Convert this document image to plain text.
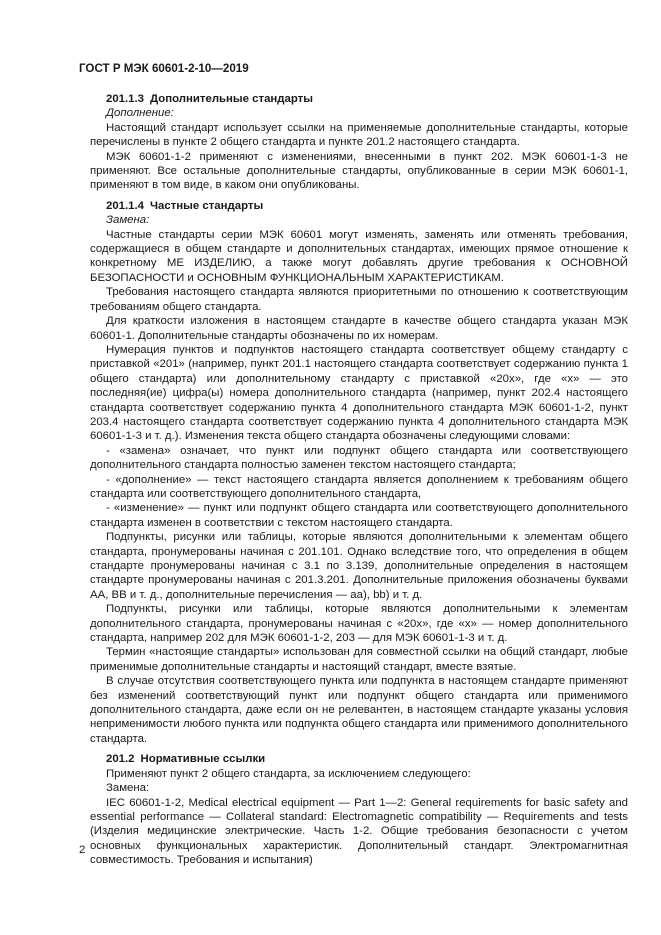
ГОСТ Р МЭК 60601-2-10—2019
201.1.3 Дополнительные стандарты

Дополнение:

Настоящий стандарт использует ссылки на применяемые дополнительные стандарты, которые перечислены в пункте 2 общего стандарта и пункте 201.2 настоящего стандарта.

МЭК 60601-1-2 применяют с изменениями, внесенными в пункт 202. МЭК 60601-1-3 не применяют. Все остальные дополнительные стандарты, опубликованные в серии МЭК 60601-1, применяют в том виде, в каком они опубликованы.

201.1.4 Частные стандарты

Замена:

Частные стандарты серии МЭК 60601 могут изменять, заменять или отменять требования, содержащиеся в общем стандарте и дополнительных стандартах, имеющих прямое отношение к конкретному МЕ ИЗДЕЛИЮ, а также могут добавлять другие требования к ОСНОВНОЙ БЕЗОПАСНОСТИ и ОСНОВНЫМ ФУНКЦИОНАЛЬНЫМ ХАРАКТЕРИСТИКАМ.

Требования настоящего стандарта являются приоритетными по отношению к соответствующим требованиям общего стандарта.

Для краткости изложения в настоящем стандарте в качестве общего стандарта указан МЭК 60601-1. Дополнительные стандарты обозначены по их номерам.

Нумерация пунктов и подпунктов настоящего стандарта соответствует общему стандарту с приставкой «201» (например, пункт 201.1 настоящего стандарта соответствует содержанию пункта 1 общего стандарта) или дополнительному стандарту с приставкой «20х», где «х» — это последняя(ие) цифра(ы) номера дополнительного стандарта (например, пункт 202.4 настоящего стандарта соответствует содержанию пункта 4 дополнительного стандарта МЭК 60601-1-2, пункт 203.4 настоящего стандарта соответствует содержанию пункта 4 дополнительного стандарта МЭК 60601-1-3 и т. д.). Изменения текста общего стандарта обозначены следующими словами:

- «замена» означает, что пункт или подпункт общего стандарта или соответствующего дополнительного стандарта полностью заменен текстом настоящего стандарта;

- «дополнение» — текст настоящего стандарта является дополнением к требованиям общего стандарта или соответствующего дополнительного стандарта,

- «изменение» — пункт или подпункт общего стандарта или соответствующего дополнительного стандарта изменен в соответствии с текстом настоящего стандарта.

Подпункты, рисунки или таблицы, которые являются дополнительными к элементам общего стандарта, пронумерованы начиная с 201.101. Однако вследствие того, что определения в общем стандарте пронумерованы начиная с 3.1 по 3.139, дополнительные определения в настоящем стандарте пронумерованы начиная с 201.3.201. Дополнительные приложения обозначены буквами АА, ВВ и т. д., дополнительные перечисления — аа), bb) и т. д.

Подпункты, рисунки или таблицы, которые являются дополнительными к элементам дополнительного стандарта, пронумерованы начиная с «20х», где «х» — номер дополнительного стандарта, например 202 для МЭК 60601-1-2, 203 — для МЭК 60601-1-3 и т. д.

Термин «настоящие стандарты» использован для совместной ссылки на общий стандарт, любые применимые дополнительные стандарты и настоящий стандарт, вместе взятые.

В случае отсутствия соответствующего пункта или подпункта в настоящем стандарте применяют без изменений соответствующий пункт или подпункт общего стандарта или применимого дополнительного стандарта, даже если он не релевантен, в настоящем стандарте указаны условия неприменимости любого пункта или подпункта общего стандарта или применимого дополнительного стандарта.

201.2 Нормативные ссылки

Применяют пункт 2 общего стандарта, за исключением следующего:

Замена:

IEC 60601-1-2, Medical electrical equipment — Part 1—2: General requirements for basic safety and essential performance — Collateral standard: Electromagnetic compatibility — Requirements and tests (Изделия медицинские электрические. Часть 1-2. Общие требования безопасности с учетом основных функциональных характеристик. Дополнительный стандарт. Электромагнитная совместимость. Требования и испытания)

2
